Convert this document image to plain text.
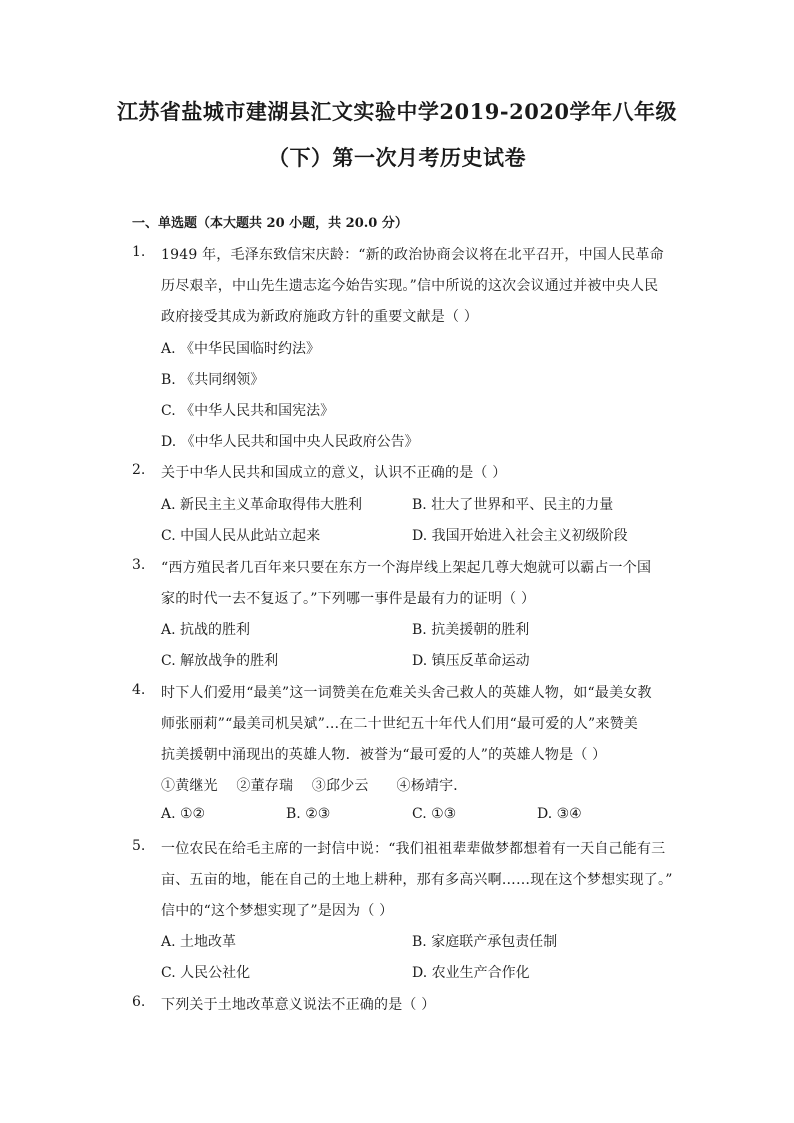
江苏省盐城市建湖县汇文实验中学2019-2020学年八年级
（下）第一次月考历史试卷
一、单选题（本大题共 20 小题，共 20.0 分）
1. 1949 年，毛泽东致信宋庆龄：“新的政治协商会议将在北平召开，中国人民革命
历尽艰辛，中山先生遗志迄今始告实现。”信中所说的这次会议通过并被中央人民
政府接受其成为新政府施政方针的重要文献是（ ）
A. 《中华民国临时约法》
B. 《共同纲领》
C. 《中华人民共和国宪法》
D. 《中华人民共和国中央人民政府公告》
2. 关于中华人民共和国成立的意义，认识不正确的是（ ）
A. 新民主主义革命取得伟大胜利	B. 壮大了世界和平、民主的力量
C. 中国人民从此站立起来	D. 我国开始进入社会主义初级阶段
3. “西方殖民者几百年来只要在东方一个海岸线上架起几尊大炮就可以霸占一个国
家的时代一去不复返了。”下列哪一事件是最有力的证明（ ）
A. 抗战的胜利	B. 抗美援朝的胜利
C. 解放战争的胜利	D. 镇压反革命运动
4. 时下人们爱用“最美”这一词赞美在危难关头舍己救人的英雄人物，如“最美女教
师张丽莉”“最美司机吴斌”…在二十世纪五十年代人们用“最可爱的人”来赞美
抗美援朝中涌现出的英雄人物．被誉为“最可爱的人”的英雄人物是（ ）
①黄继光    ②董存瑞    ③邱少云      ④杨靖宇．
A. ①②	B. ②③	C. ①③	D. ③④
5. 一位农民在给毛主席的一封信中说：“我们祖祖辈辈做梦都想着有一天自己能有三
亩、五亩的地，能在自己的土地上耕种，那有多高兴啊……现在这个梦想实现了。”
信中的“这个梦想实现了”是因为（ ）
A. 土地改革	B. 家庭联产承包责任制
C. 人民公社化	D. 农业生产合作化
6. 下列关于土地改革意义说法不正确的是（ ）
